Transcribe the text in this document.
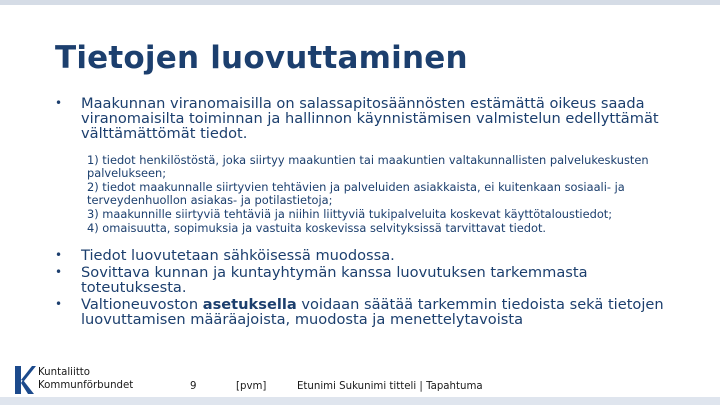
Tietojen luovuttaminen

• Maakunnan viranomaisilla on salassapitosäännösten estämättä oikeus saada viranomaisilta toiminnan ja hallinnon käynnistämisen valmistelun edellyttämät välttämättömät tiedot.

1) tiedot henkilöstöstä, joka siirtyy maakuntien tai maakuntien valtakunnallisten palvelukeskusten palvelukseen;
2) tiedot maakunnalle siirtyvien tehtävien ja palveluiden asiakkaista, ei kuitenkaan sosiaali- ja terveydenhuollon asiakas- ja potilastietoja;
3) maakunnille siirtyviä tehtäviä ja niihin liittyviä tukipalveluita koskevat käyttötaloustiedot;
4) omaisuutta, sopimuksia ja vastuita koskevissa selvityksissä tarvittavat tiedot.

• Tiedot luovutetaan sähköisessä muodossa.

• Sovittava kunnan ja kuntayhtymän kanssa luovutuksen tarkemmasta toteutuksesta.

• Valtioneuvoston asetuksella voidaan säätää tarkemmin tiedoista sekä tietojen luovuttamisen määräajoista, muodosta ja menettelytavoista

Kuntaliitto
Kommunförbundet	9	[pvm]	Etunimi Sukunimi titteli | Tapahtuma
